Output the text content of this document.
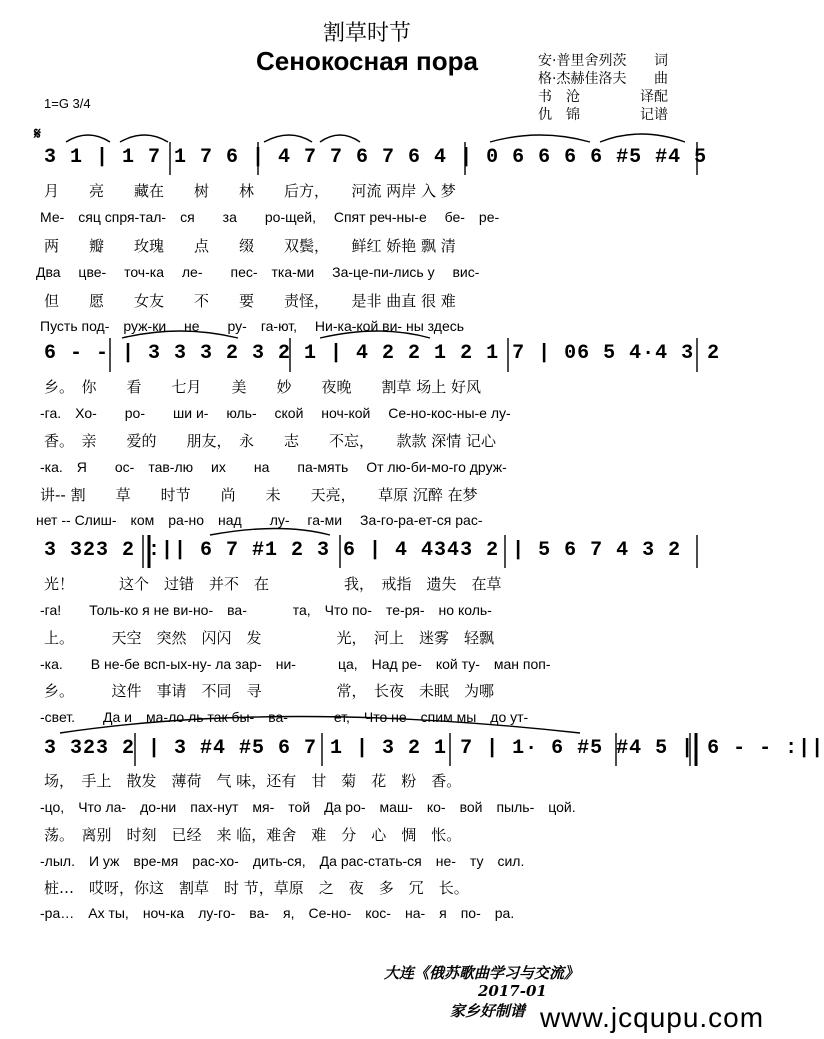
割草时节
Сенокосная пора	安·普里舍列茨 词
格·杰赫佳洛夫 曲
书　沧	译配
仇　锦	记谱
1=G 3/4
𝄋
3 1 | 1 7 1 7 6 | 4 7 7 6 7 6 4 | 0 6 6 6 6 #5 #4 5
月　　亮　　藏在　　树　　林　　后方，　　河流 两岸 入 梦
Ме-　сяц спря-тал-　ся　　за　　ро-щей,　 Спят реч-ны-е　 бе-　ре-
两　　瓣　　玫瑰　　点　　缀　　双鬓，　　鲜红 娇艳 飘 清
Два　 цве-　 точ-ка　 ле-　　пес-　тка-ми　 За-це-пи-лись у　 вис-
但　　愿　　女友　　不　　要　　责怪，　　是非 曲直 很 难
Пусть под-　руж-ки　 не　　ру-　га-ют,　 Ни-ка-кой ви- ны здесь
6 - - | 3 3 3 2 3 2 1 | 4 2 2 1 2 1 7 | 06 5 4·4 3 2
乡。　你　　看　　七月　　美　　妙　　夜晚　　割草 场上 好风
-га.　Хо-　　ро-　　ши и-　 юль-　 ской　 ноч-кой　 Се-но-кос-ны-е лу-
香。　亲　　爱的　　朋友，　永　　志　　不忘，　　款款 深情 记心
-ка.　Я　　ос-　тав-лю　 их　　на　　па-мять　 От лю-би-мо-го друж-
讲-- 割　　草　　时节　　尚　　未　　天亮，　　草原 沉醉 在梦
нет -- Слиш-　ком　ра-но　над　　лу-　 га-ми　 За-го-ра-ет-ся рас-
3 323 2 :|| 6 7 #1 2 3 6 | 4 4343 2 | 5 6 7 4 3 2
光！　　　这个　过错　并不　在　　　　　我，　戒指　遗失　在草
-га!　　Толь-ко я не ви-но-　ва-　　　 та,　Что по-　те-ря-　но коль-
上。　　　天空　突然　闪闪　发　　　　　光，　河上　迷雾　轻飘
-ка.　　В не-бе всп-ых-ну- ла зар-　ни-　　　ца,　Над ре-　кой ту-　ман поп-
乡。　　　这件　事请　不同　寻　　　　　常，　长夜　未眠　为哪
-свет.　　Да и　ма-ло ль так бы-　ва-　　　 ет,　Что не　спим мы　до ут-
3 323 2 | 3 #4 #5 6 7 1 | 3 2 1 7 | 1· 6 #5 #4 5 | 6 - - :||
场，　手上　散发　薄荷　气 味，还有　甘　菊　花　粉　香。
-цо,　Что ла-　до-ни　пах-нут　мя-　той　Да ро-　маш-　ко-　вой　пыль-　цой.
荡。　离别　时刻　已经　来 临，难舍　难　分　心　惆　怅。
-лыл.　И уж　вре-мя　рас-хо-　дить-ся,　Да рас-стать-ся　не-　ту　сил.
桩…　哎呀，你这　割草　时 节，草原　之　夜　多　冗　长。
-ра…　Ах ты,　ноч-ка　лу-го-　ва-　я,　Се-но-　кос-　на-　я　по-　ра.
大连《俄苏歌曲学习与交流》
2017-01
家乡好制谱 www.jcqupu.com
